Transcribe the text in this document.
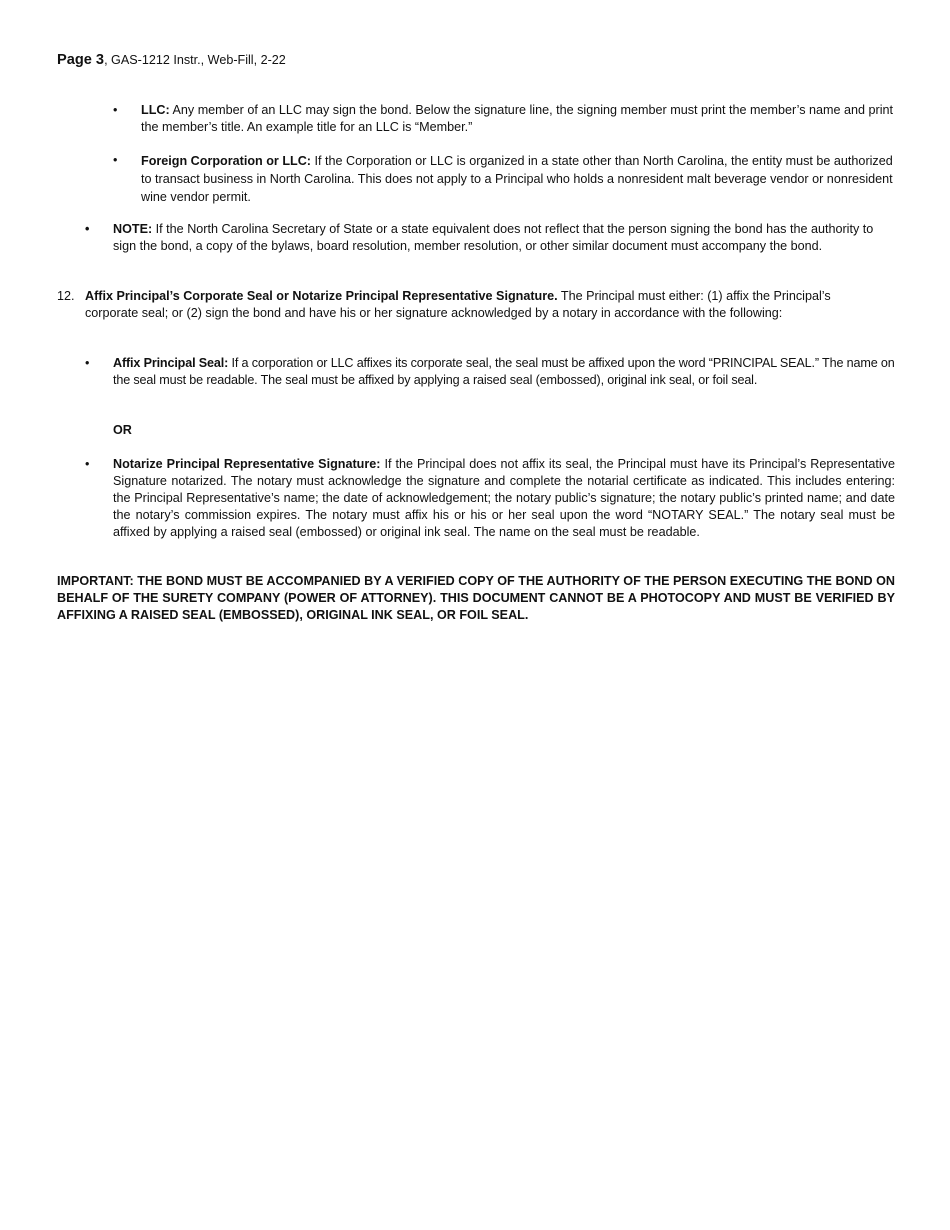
Page 3, GAS-1212 Instr., Web-Fill, 2-22
•	LLC: Any member of an LLC may sign the bond. Below the signature line, the signing member must print the member’s name and print the member’s title. An example title for an LLC is “Member.”

•	Foreign Corporation or LLC: If the Corporation or LLC is organized in a state other than North Carolina, the entity must be authorized to transact business in North Carolina. This does not apply to a Principal who holds a nonresident malt beverage vendor or nonresident wine vendor permit.

•	NOTE: If the North Carolina Secretary of State or a state equivalent does not reflect that the person signing the bond has the authority to sign the bond, a copy of the bylaws, board resolution, member resolution, or other similar document must accompany the bond.

12. Affix Principal’s Corporate Seal or Notarize Principal Representative Signature. The Principal must either: (1) affix the Principal’s corporate seal; or (2) sign the bond and have his or her signature acknowledged by a notary in accordance with the following:

•	Affix Principal Seal: If a corporation or LLC affixes its corporate seal, the seal must be affixed upon the word “PRINCIPAL SEAL.” The name on the seal must be readable. The seal must be affixed by applying a raised seal (embossed), original ink seal, or foil seal.

OR
•	Notarize Principal Representative Signature: If the Principal does not affix its seal, the Principal must have its Principal’s Representative Signature notarized. The notary must acknowledge the signature and complete the notarial certificate as indicated. This includes entering: the Principal Representative’s name; the date of acknowledgement; the notary public’s signature; the notary public’s printed name; and date the notary’s commission expires. The notary must affix his or his or her seal upon the word “NOTARY SEAL.” The notary seal must be affixed by applying a raised seal (embossed) or original ink seal. The name on the seal must be readable.

IMPORTANT: THE BOND MUST BE ACCOMPANIED BY A VERIFIED COPY OF THE AUTHORITY OF THE PERSON EXECUTING THE BOND ON BEHALF OF THE SURETY COMPANY (POWER OF ATTORNEY). THIS DOCUMENT CANNOT BE A PHOTOCOPY AND MUST BE VERIFIED BY AFFIXING A RAISED SEAL (EMBOSSED), ORIGINAL INK SEAL, OR FOIL SEAL.
